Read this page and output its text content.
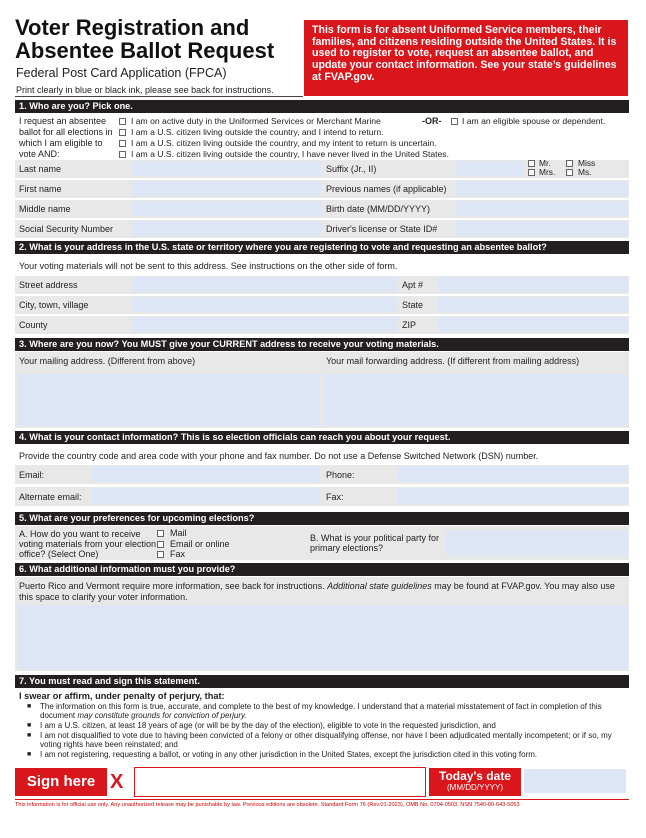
Voter Registration and Absentee Ballot Request
Federal Post Card Application (FPCA)
Print clearly in blue or black ink, please see back for instructions.
This form is for absent Uniformed Service members, their families, and citizens residing outside the United States. It is used to register to vote, request an absentee ballot, and update your contact information. See your state’s guidelines at FVAP.gov.
1. Who are you? Pick one.
I request an absentee ballot for all elections in which I am eligible to vote AND:
I am on active duty in the Uniformed Services or Merchant Marine	-OR- I am an eligible spouse or dependent.
I am a U.S. citizen living outside the country, and I intend to return.
I am a U.S. citizen living outside the country, and my intent to return is uncertain.
I am a U.S. citizen living outside the country, I have never lived in the United States.
Last name	Suffix (Jr., II)
Mr.	Miss
Mrs.	Ms.
First name	Previous names (if applicable)
Middle name	Birth date (MM/DD/YYYY)
Social Security Number	Driver's license or State ID#
2. What is your address in the U.S. state or territory where you are registering to vote and requesting an absentee ballot?
Your voting materials will not be sent to this address. See instructions on the other side of form.
Street address	Apt #
City, town, village	State
County	ZIP
3. Where are you now? You MUST give your CURRENT address to receive your voting materials.
Your mailing address. (Different from above)	Your mail forwarding address. (If different from mailing address)
4. What is your contact information? This is so election officials can reach you about your request.
Provide the country code and area code with your phone and fax number. Do not use a Defense Switched Network (DSN) number.
Email:	Phone:
Alternate email:	Fax:
5. What are your preferences for upcoming elections?
A. How do you want to receive voting materials from your election office? (Select One)
Mail
Email or online
Fax
B. What is your political party for primary elections?
6. What additional information must you provide?
Puerto Rico and Vermont require more information, see back for instructions. Additional state guidelines may be found at FVAP.gov. You may also use this space to clarify your voter information.
7. You must read and sign this statement.
I swear or affirm, under penalty of perjury, that:
■ The information on this form is true, accurate, and complete to the best of my knowledge. I understand that a material misstatement of fact in completion of this document may constitute grounds for conviction of perjury.
■ I am a U.S. citizen, at least 18 years of age (or will be by the day of the election), eligible to vote in the requested jurisdiction, and
■ I am not disqualified to vote due to having been convicted of a felony or other disqualifying offense, nor have I been adjudicated mentally incompetent; or if so, my voting rights have been reinstated; and
■ I am not registering, requesting a ballot, or voting in any other jurisdiction in the United States, except the jurisdiction cited in this voting form.
Sign here X	Today's date
(MM/DD/YYYY)
This information is for official use only. Any unauthorized release may be punishable by law. Previous editions are obsolete. Standard Form 76 (Rev.01-2023), OMB No. 0704-0503, NSN 7540-00-643-5053
